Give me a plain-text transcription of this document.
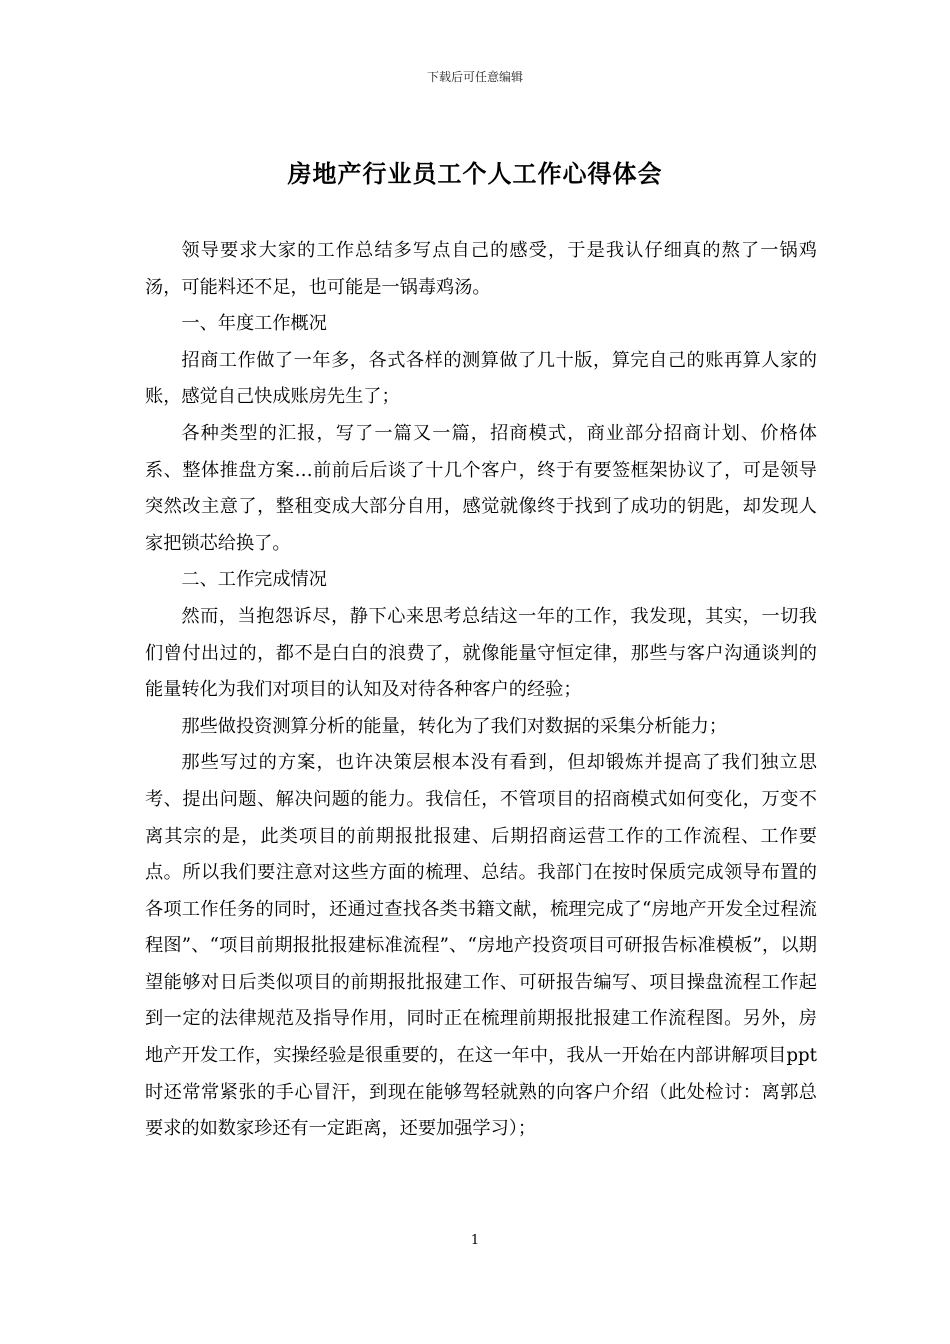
下载后可任意编辑
房地产行业员工个人工作心得体会

领导要求大家的工作总结多写点自己的感受，于是我认仔细真的熬了一锅鸡汤，可能料还不足，也可能是一锅毒鸡汤。

一、年度工作概况

招商工作做了一年多，各式各样的测算做了几十版，算完自己的账再算人家的账，感觉自己快成账房先生了；

各种类型的汇报，写了一篇又一篇，招商模式，商业部分招商计划、价格体系、整体推盘方案…前前后后谈了十几个客户，终于有要签框架协议了，可是领导突然改主意了，整租变成大部分自用，感觉就像终于找到了成功的钥匙，却发现人家把锁芯给换了。

二、工作完成情况

然而，当抱怨诉尽，静下心来思考总结这一年的工作，我发现，其实，一切我们曾付出过的，都不是白白的浪费了，就像能量守恒定律，那些与客户沟通谈判的能量转化为我们对项目的认知及对待各种客户的经验；

那些做投资测算分析的能量，转化为了我们对数据的采集分析能力；

那些写过的方案，也许决策层根本没有看到，但却锻炼并提高了我们独立思考、提出问题、解决问题的能力。我信任，不管项目的招商模式如何变化，万变不离其宗的是，此类项目的前期报批报建、后期招商运营工作的工作流程、工作要点。所以我们要注意对这些方面的梳理、总结。我部门在按时保质完成领导布置的各项工作任务的同时，还通过查找各类书籍文献，梳理完成了“房地产开发全过程流程图”、“项目前期报批报建标准流程”、“房地产投资项目可研报告标准模板”，以期望能够对日后类似项目的前期报批报建工作、可研报告编写、项目操盘流程工作起到一定的法律规范及指导作用，同时正在梳理前期报批报建工作流程图。另外，房地产开发工作，实操经验是很重要的，在这一年中，我从一开始在内部讲解项目ppt时还常常紧张的手心冒汗，到现在能够驾轻就熟的向客户介绍（此处检讨：离郭总要求的如数家珍还有一定距离，还要加强学习）；

1
